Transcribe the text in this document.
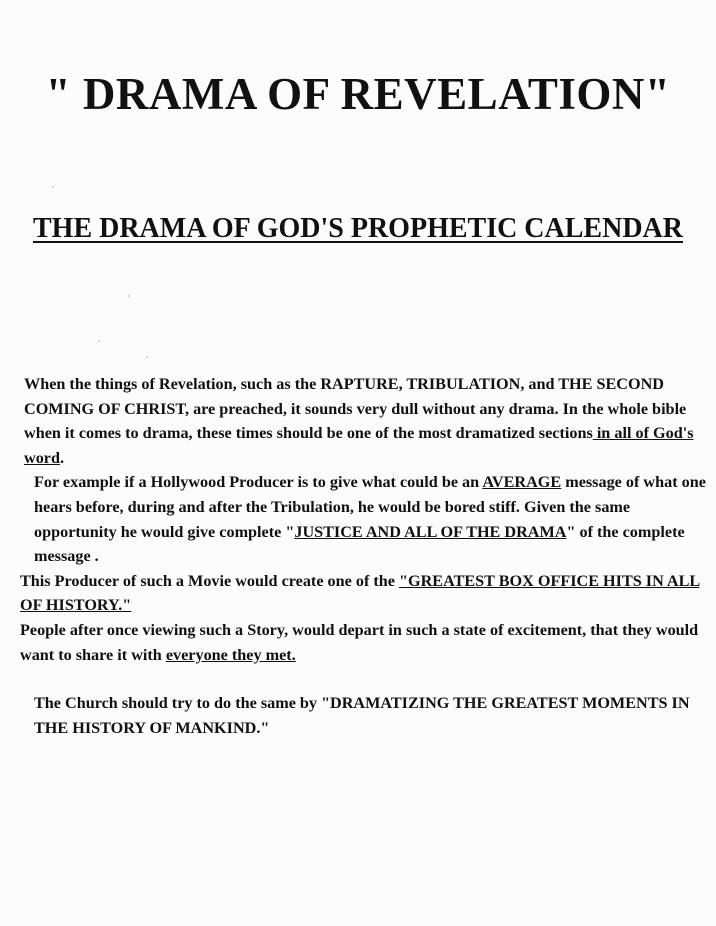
" DRAMA OF REVELATION"
THE DRAMA OF GOD'S PROPHETIC CALENDAR

When the things of Revelation, such as the RAPTURE, TRIBULATION, and THE SECOND COMING OF CHRIST, are preached, it sounds very dull without any drama. In the whole bible when it comes to drama, these times should be one of the most dramatized sections in all of God's word.

For example if a Hollywood Producer is to give what could be an AVERAGE message of what one hears before, during and after the Tribulation, he would be bored stiff. Given the same opportunity he would give complete "JUSTICE AND ALL OF THE DRAMA" of the complete message .

This Producer of such a Movie would create one of the "GREATEST BOX OFFICE HITS IN ALL OF HISTORY."

People after once viewing such a Story, would depart in such a state of excitement, that they would want to share it with everyone they met.

The Church should try to do the same by "DRAMATIZING THE GREATEST MOMENTS IN THE HISTORY OF MANKIND."
